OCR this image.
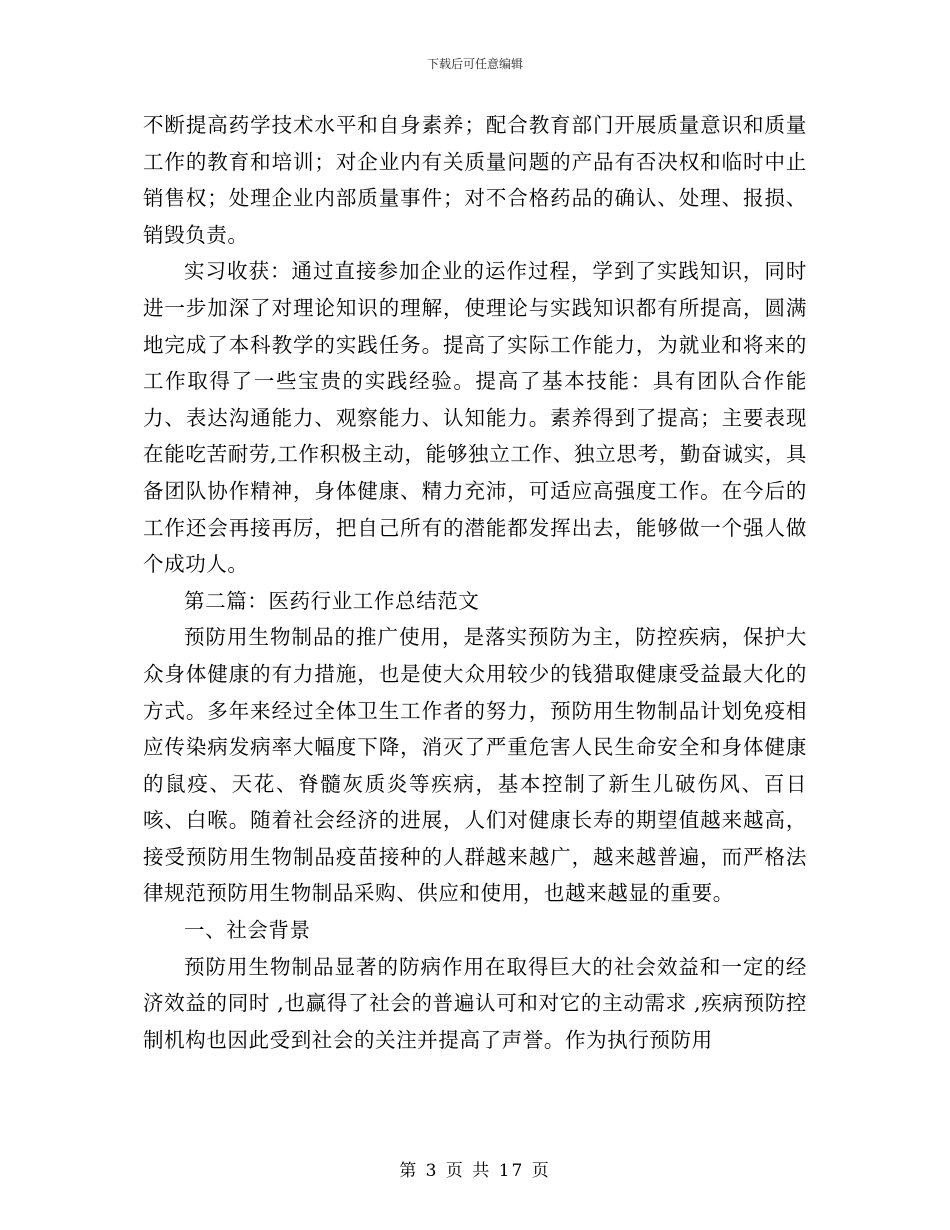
下载后可任意编辑

不断提高药学技术水平和自身素养；配合教育部门开展质量意识和质量工作的教育和培训；对企业内有关质量问题的产品有否决权和临时中止销售权；处理企业内部质量事件；对不合格药品的确认、处理、报损、销毁负责。

实习收获：通过直接参加企业的运作过程，学到了实践知识，同时进一步加深了对理论知识的理解，使理论与实践知识都有所提高，圆满地完成了本科教学的实践任务。提高了实际工作能力，为就业和将来的工作取得了一些宝贵的实践经验。提高了基本技能：具有团队合作能力、表达沟通能力、观察能力、认知能力。素养得到了提高；主要表现在能吃苦耐劳,工作积极主动，能够独立工作、独立思考，勤奋诚实，具备团队协作精神，身体健康、精力充沛，可适应高强度工作。在今后的工作还会再接再厉，把自己所有的潜能都发挥出去，能够做一个强人做个成功人。

第二篇：医药行业工作总结范文

预防用生物制品的推广使用，是落实预防为主，防控疾病，保护大众身体健康的有力措施，也是使大众用较少的钱猎取健康受益最大化的方式。多年来经过全体卫生工作者的努力，预防用生物制品计划免疫相应传染病发病率大幅度下降，消灭了严重危害人民生命安全和身体健康的鼠疫、天花、脊髓灰质炎等疾病，基本控制了新生儿破伤风、百日咳、白喉。随着社会经济的进展，人们对健康长寿的期望值越来越高，接受预防用生物制品疫苗接种的人群越来越广，越来越普遍，而严格法律规范预防用生物制品采购、供应和使用，也越来越显的重要。

一、社会背景

预防用生物制品显著的防病作用在取得巨大的社会效益和一定的经济效益的同时 ,也赢得了社会的普遍认可和对它的主动需求 ,疾病预防控制机构也因此受到社会的关注并提高了声誉。作为执行预防用

第 3 页 共 17 页
